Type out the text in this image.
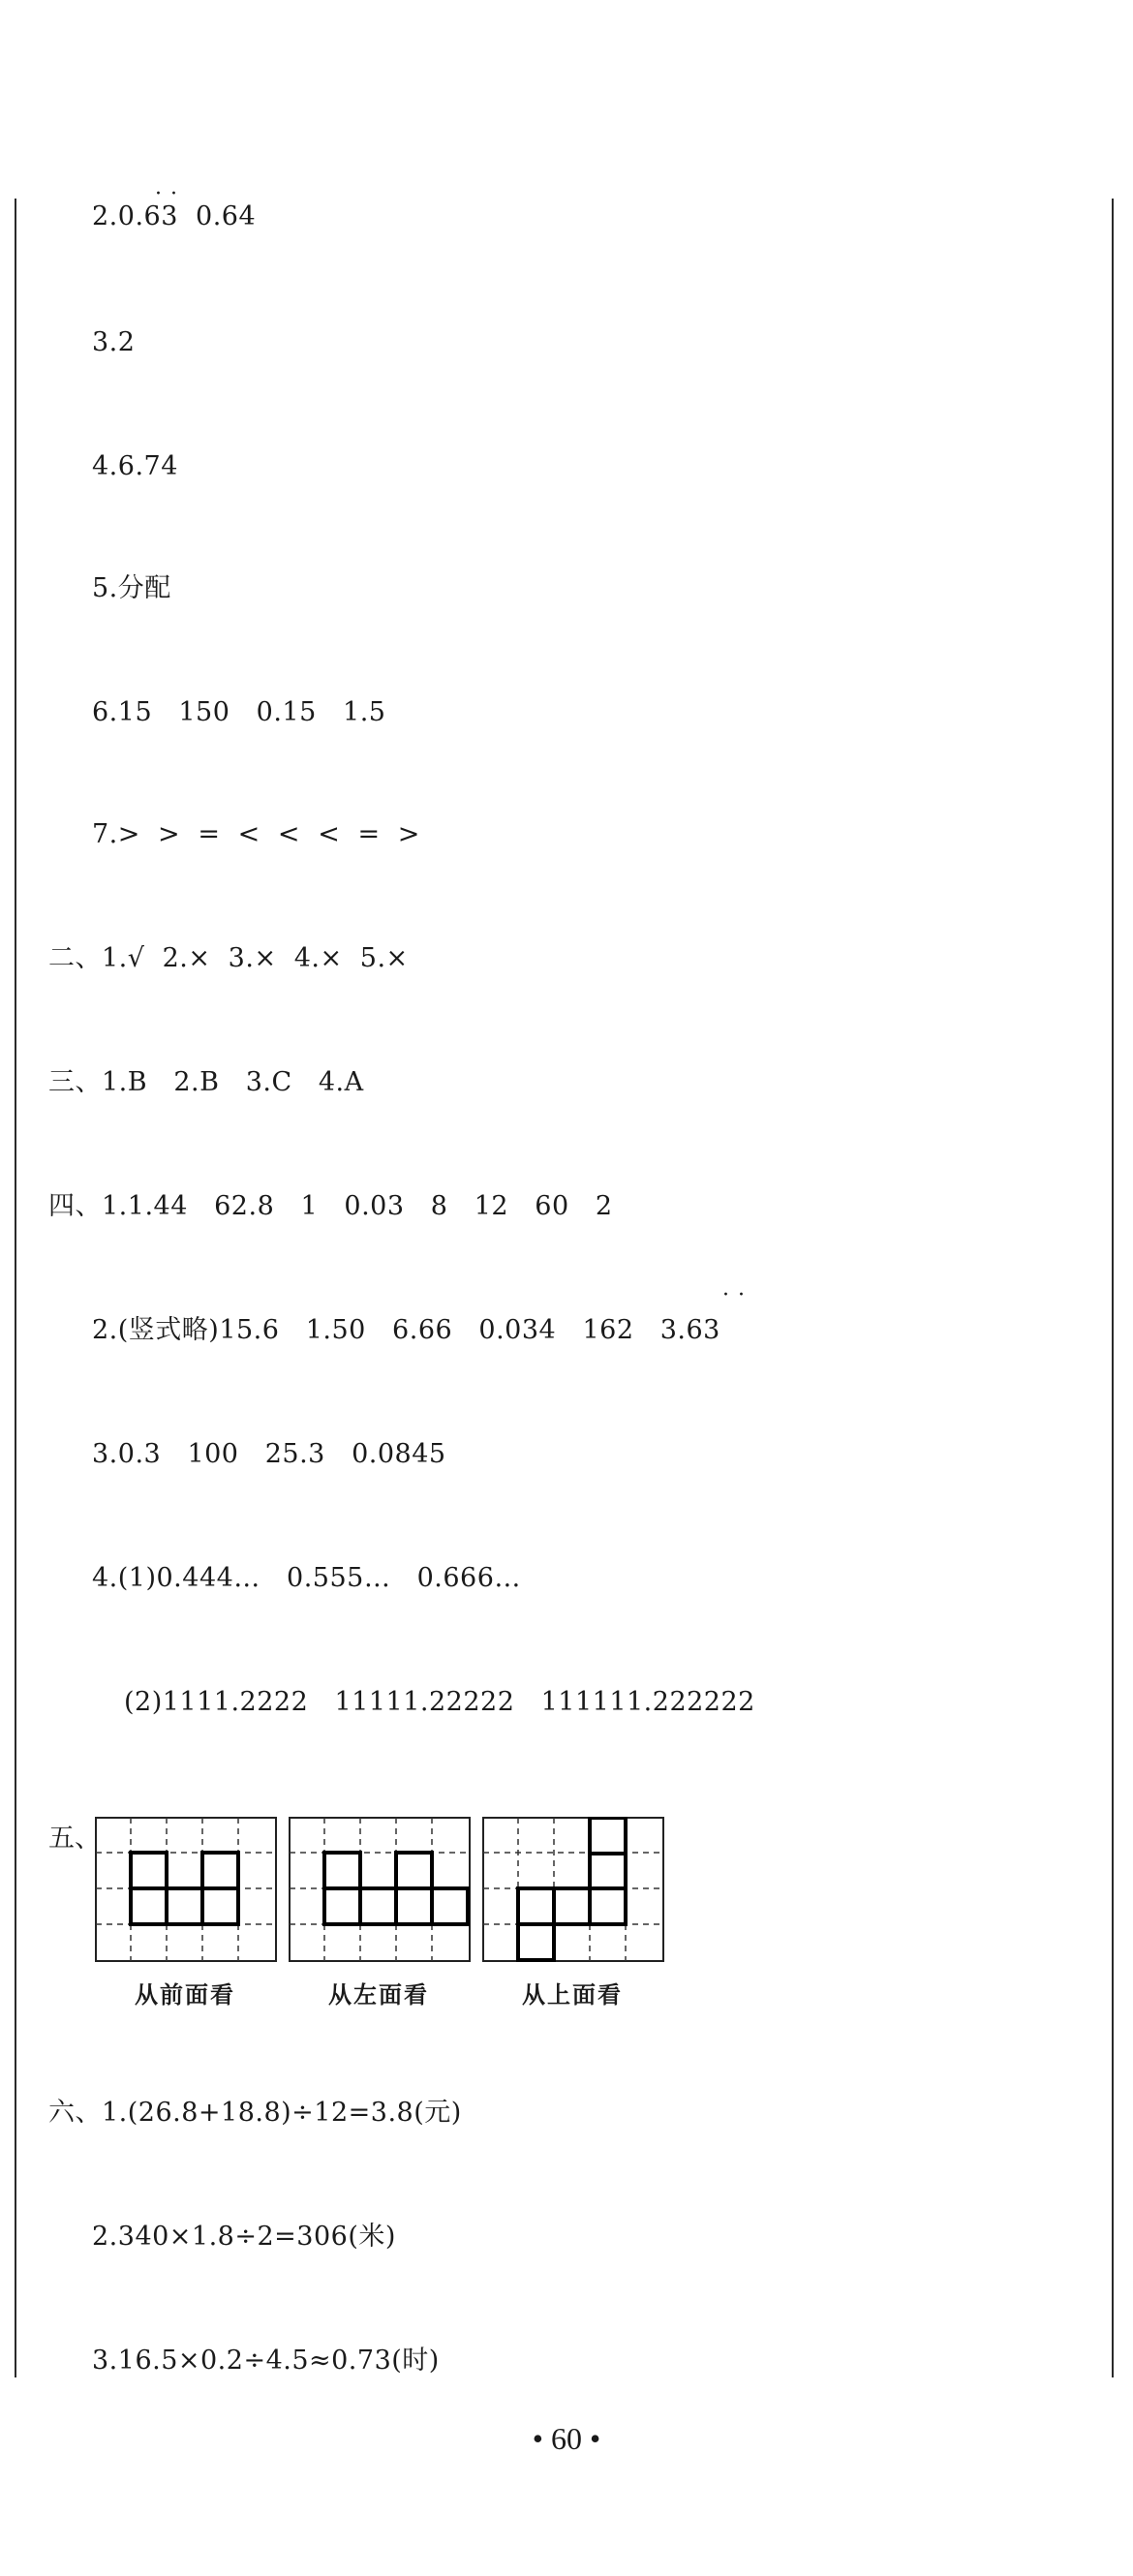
· ·
· ·
2.0.63  0.64
3.2
4.6.74
5.分配
6.15   150   0.15   1.5
7.>  >  =  <  <  <  =  >
二、1.√  2.×  3.×  4.×  5.×
三、1.B   2.B   3.C   4.A
四、1.1.44   62.8   1   0.03   8   12   60   2
2.(竖式略)15.6   1.50   6.66   0.034   162   3.63
3.0.3   100   25.3   0.0845
4.(1)0.444…   0.555…   0.666…
(2)1111.2222   11111.22222   111111.222222
五、
从前面看	从左面看	从上面看
六、1.(26.8+18.8)÷12=3.8(元)
2.340×1.8÷2=306(米)
3.16.5×0.2÷4.5≈0.73(时)
• 60 •
